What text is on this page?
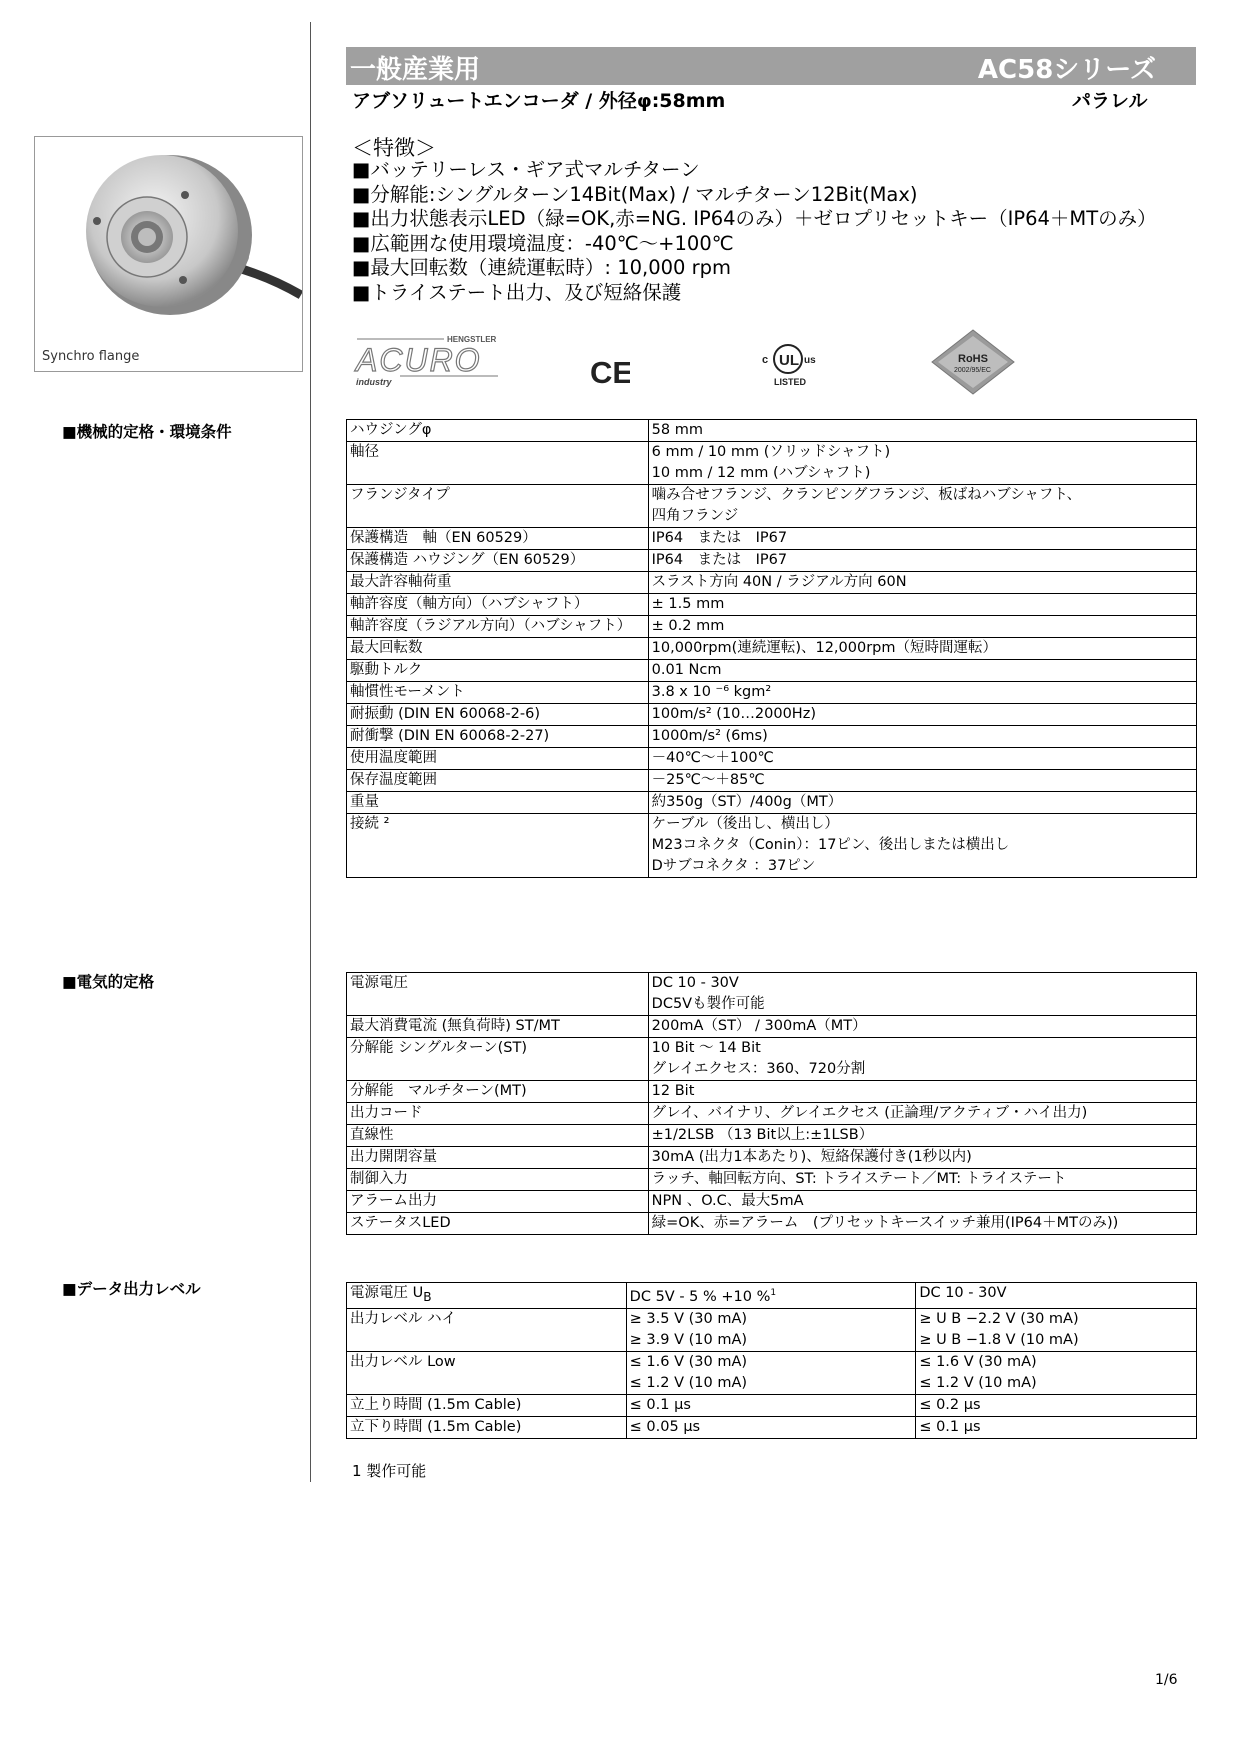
一般産業用	AC58シリーズ
アブソリュートエンコーダ / 外径φ:58mm	パラレル
＜特徴＞
■バッテリーレス・ギア式マルチターン
■分解能:シングルターン14Bit(Max) / マルチターン12Bit(Max)
■出力状態表示LED（緑=OK,赤=NG. IP64のみ）＋ゼロプリセットキー（IP64＋MTのみ）
■広範囲な使用環境温度：-40℃～+100℃
■最大回転数（連続運転時）: 10,000 rpm
■トライステート出力、及び短絡保護
Synchro flange
HENGSTLER
ACURO
industry	CE	c UL us
LISTED
RoHS
2002/95/EC
■機械的定格・環境条件
■電気的定格
■データ出力レベル
ハウジングφ	58 mm
軸径	6 mm / 10 mm (ソリッドシャフト)
	10 mm / 12 mm (ハブシャフト)
フランジタイプ	噛み合せフランジ、クランピングフランジ、板ばねハブシャフト、
	四角フランジ
保護構造　軸（EN 60529）	IP64　または　IP67
保護構造 ハウジング（EN 60529）	IP64　または　IP67
最大許容軸荷重	スラスト方向 40N / ラジアル方向 60N
軸許容度（軸方向）（ハブシャフト）	± 1.5 mm
軸許容度（ラジアル方向）（ハブシャフト）	± 0.2 mm
最大回転数	10,000rpm(連続運転)、12,000rpm（短時間運転）
駆動トルク	0.01 Ncm
軸慣性モーメント	3.8 x 10 ⁻⁶ kgm²
耐振動 (DIN EN 60068-2-6)	100m/s² (10…2000Hz)
耐衝撃 (DIN EN 60068-2-27)	1000m/s² (6ms)
使用温度範囲	－40℃～＋100℃
保存温度範囲	－25℃～＋85℃
重量	約350g（ST）/400g（MT）
接続 ²	ケーブル（後出し、横出し）
	M23コネクタ（Conin）：17ピン、後出しまたは横出し
	Dサブコネクタ ：37ピン
電源電圧	DC 10 - 30V
	DC5Vも製作可能
最大消費電流 (無負荷時) ST/MT	200mA（ST） / 300mA（MT）
分解能 シングルターン(ST)	10 Bit ～ 14 Bit
	グレイエクセス：360、720分割
分解能　マルチターン(MT)	12 Bit
出力コード	グレイ、バイナリ、グレイエクセス (正論理/アクティブ・ハイ出力)
直線性	±1/2LSB （13 Bit以上:±1LSB）
出力開閉容量	30mA (出力1本あたり)、短絡保護付き(1秒以内)
制御入力	ラッチ、軸回転方向、ST: トライステート／MT: トライステート
アラーム出力	NPN 、O.C、最大5mA
ステータスLED	緑=OK、赤=アラーム　(プリセットキースイッチ兼用(IP64＋MTのみ))
電源電圧 $U_B$	DC 5V - 5 % +10 %$^1$	DC 10 - 30V
出力レベル ハイ	≥ 3.5 V (30 mA)	≥ U B −2.2 V (30 mA)
	≥ 3.9 V (10 mA)	≥ U B −1.8 V (10 mA)
出力レベル Low	≤ 1.6 V (30 mA)	≤ 1.6 V (30 mA)
	≤ 1.2 V (10 mA)	≤ 1.2 V (10 mA)
立上り時間 (1.5m Cable)	≤ 0.1 μs	≤ 0.2 μs
立下り時間 (1.5m Cable)	≤ 0.05 μs	≤ 0.1 μs
1 製作可能
1/6
